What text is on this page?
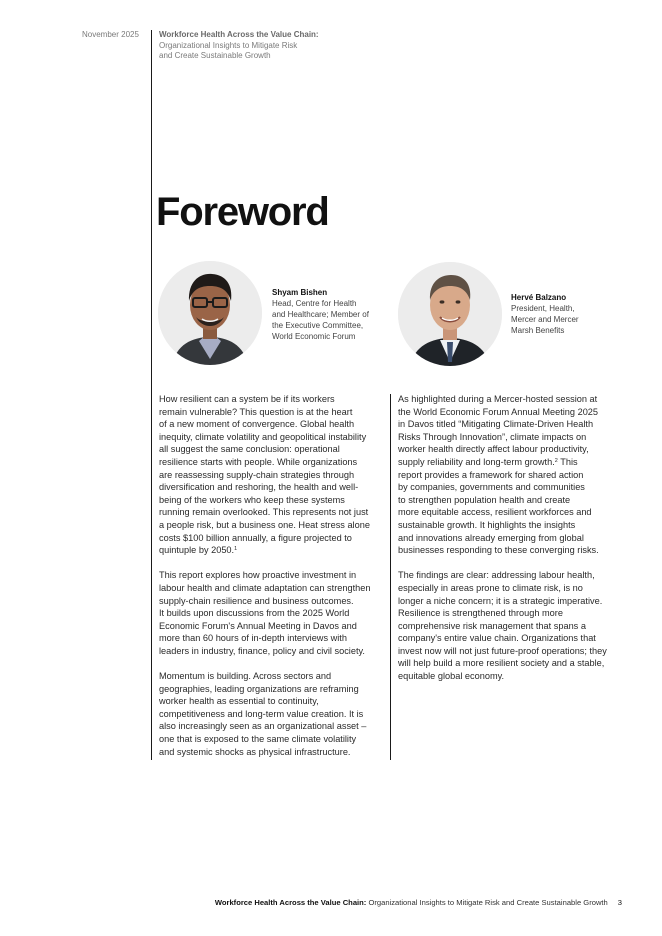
November 2025	Workforce Health Across the Value Chain:
Organizational Insights to Mitigate Risk
and Create Sustainable Growth
Foreword
Shyam Bishen
Head, Centre for Health
and Healthcare; Member of
the Executive Committee,
World Economic Forum
Hervé Balzano
President, Health,
Mercer and Mercer
Marsh Benefits
How resilient can a system be if its workers
remain vulnerable? This question is at the heart
of a new moment of convergence. Global health
inequity, climate volatility and geopolitical instability
all suggest the same conclusion: operational
resilience starts with people. While organizations
are reassessing supply-chain strategies through
diversification and reshoring, the health and well-
being of the workers who keep these systems
running remain overlooked. This represents not just
a people risk, but a business one. Heat stress alone
costs $100 billion annually, a figure projected to
quintuple by 2050.$^1$
This report explores how proactive investment in
labour health and climate adaptation can strengthen
supply-chain resilience and business outcomes.
It builds upon discussions from the 2025 World
Economic Forum's Annual Meeting in Davos and
more than 60 hours of in-depth interviews with
leaders in industry, finance, policy and civil society.
Momentum is building. Across sectors and
geographies, leading organizations are reframing
worker health as essential to continuity,
competitiveness and long-term value creation. It is
also increasingly seen as an organizational asset –
one that is exposed to the same climate volatility
and systemic shocks as physical infrastructure.
As highlighted during a Mercer-hosted session at
the World Economic Forum Annual Meeting 2025
in Davos titled “Mitigating Climate-Driven Health
Risks Through Innovation”, climate impacts on
worker health directly affect labour productivity,
supply reliability and long-term growth.$^2$ This
report provides a framework for shared action
by companies, governments and communities
to strengthen population health and create
more equitable access, resilient workforces and
sustainable growth. It highlights the insights
and innovations already emerging from global
businesses responding to these converging risks.
The findings are clear: addressing labour health,
especially in areas prone to climate risk, is no
longer a niche concern; it is a strategic imperative.
Resilience is strengthened through more
comprehensive risk management that spans a
company's entire value chain. Organizations that
invest now will not just future-proof operations; they
will help build a more resilient society and a stable,
equitable global economy.
Workforce Health Across the Value Chain: Organizational Insights to Mitigate Risk and Create Sustainable Growth 3
